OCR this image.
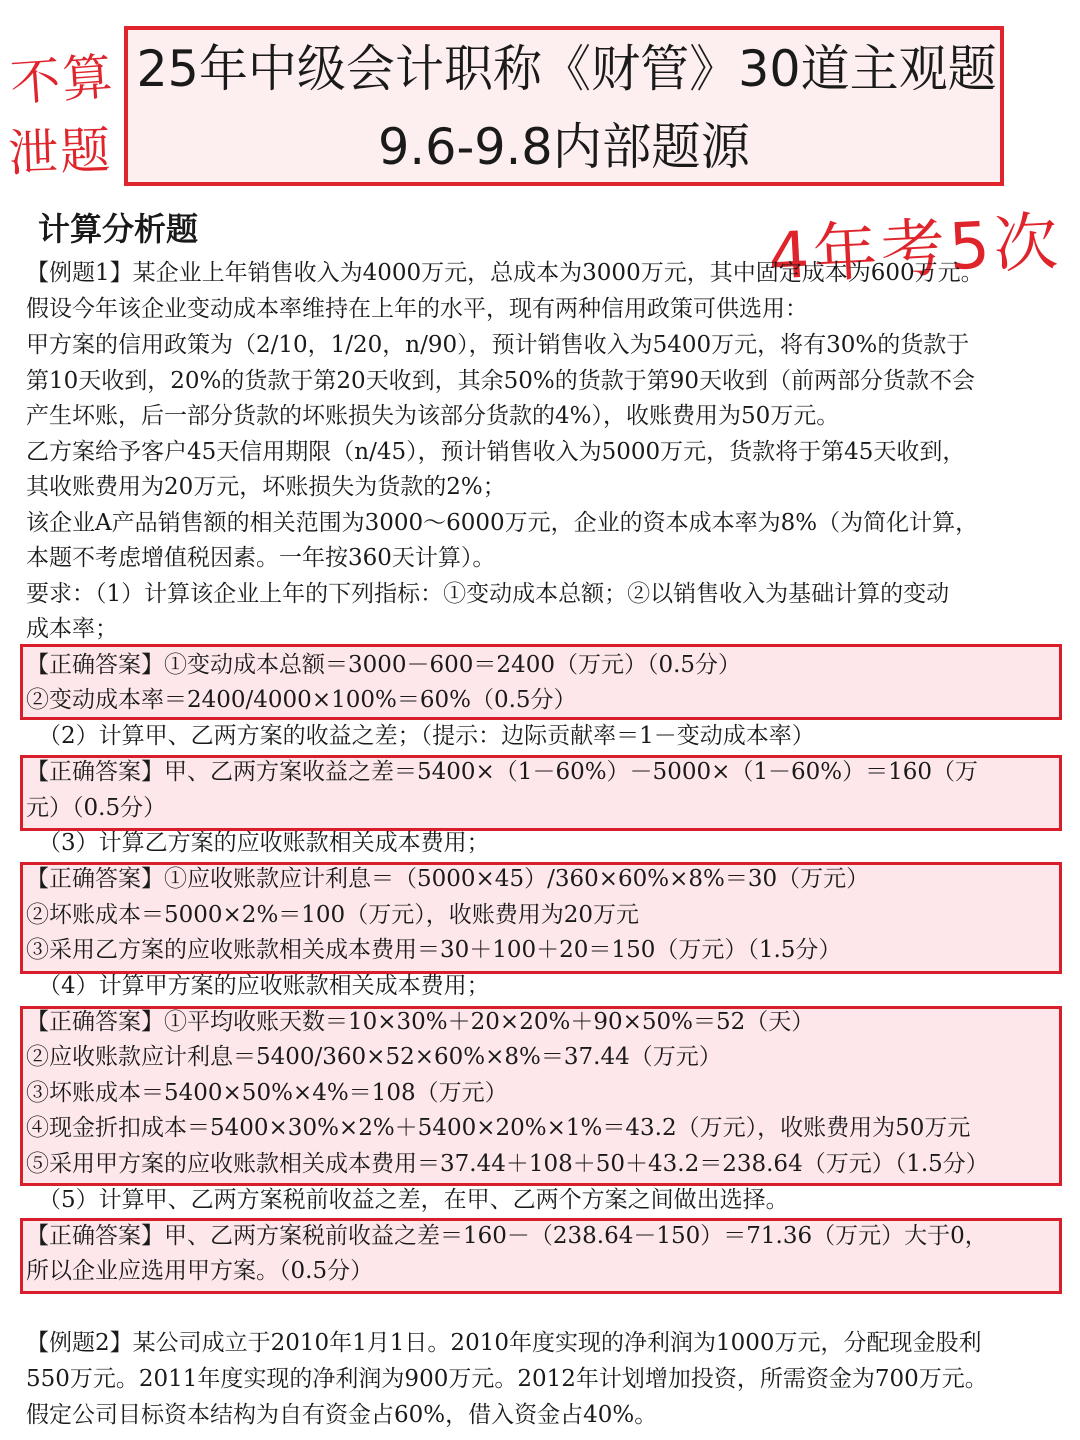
不算
泄题
4年考5次
25年中级会计职称《财管》30道主观题
9.6-9.8内部题源
计算分析题
【例题1】某企业上年销售收入为4000万元，总成本为3000万元，其中固定成本为600万元。
假设今年该企业变动成本率维持在上年的水平，现有两种信用政策可供选用：
甲方案的信用政策为（2/10，1/20，n/90），预计销售收入为5400万元，将有30%的货款于
第10天收到，20%的货款于第20天收到，其余50%的货款于第90天收到（前两部分货款不会
产生坏账，后一部分货款的坏账损失为该部分货款的4%），收账费用为50万元。
乙方案给予客户45天信用期限（n/45），预计销售收入为5000万元，货款将于第45天收到，
其收账费用为20万元，坏账损失为货款的2%；
该企业A产品销售额的相关范围为3000～6000万元，企业的资本成本率为8%（为简化计算，
本题不考虑增值税因素。一年按360天计算）。
要求：（1）计算该企业上年的下列指标：①变动成本总额；②以销售收入为基础计算的变动
成本率；
【正确答案】①变动成本总额＝3000－600＝2400（万元）（0.5分）
②变动成本率＝2400/4000×100%＝60%（0.5分）
（2）计算甲、乙两方案的收益之差；（提示：边际贡献率＝1－变动成本率）
【正确答案】甲、乙两方案收益之差＝5400×（1－60%）－5000×（1－60%）＝160（万
元）（0.5分）
（3）计算乙方案的应收账款相关成本费用；
【正确答案】①应收账款应计利息＝（5000×45）/360×60%×8%＝30（万元）
②坏账成本＝5000×2%＝100（万元），收账费用为20万元
③采用乙方案的应收账款相关成本费用＝30＋100＋20＝150（万元）（1.5分）
（4）计算甲方案的应收账款相关成本费用；
【正确答案】①平均收账天数＝10×30%＋20×20%＋90×50%＝52（天）
②应收账款应计利息＝5400/360×52×60%×8%＝37.44（万元）
③坏账成本＝5400×50%×4%＝108（万元）
④现金折扣成本＝5400×30%×2%＋5400×20%×1%＝43.2（万元），收账费用为50万元
⑤采用甲方案的应收账款相关成本费用＝37.44＋108＋50＋43.2＝238.64（万元）（1.5分）
（5）计算甲、乙两方案税前收益之差，在甲、乙两个方案之间做出选择。
【正确答案】甲、乙两方案税前收益之差＝160－（238.64－150）＝71.36（万元）大于0，
所以企业应选用甲方案。（0.5分）
【例题2】某公司成立于2010年1月1日。2010年度实现的净利润为1000万元，分配现金股利
550万元。2011年度实现的净利润为900万元。2012年计划增加投资，所需资金为700万元。
假定公司目标资本结构为自有资金占60%，借入资金占40%。
